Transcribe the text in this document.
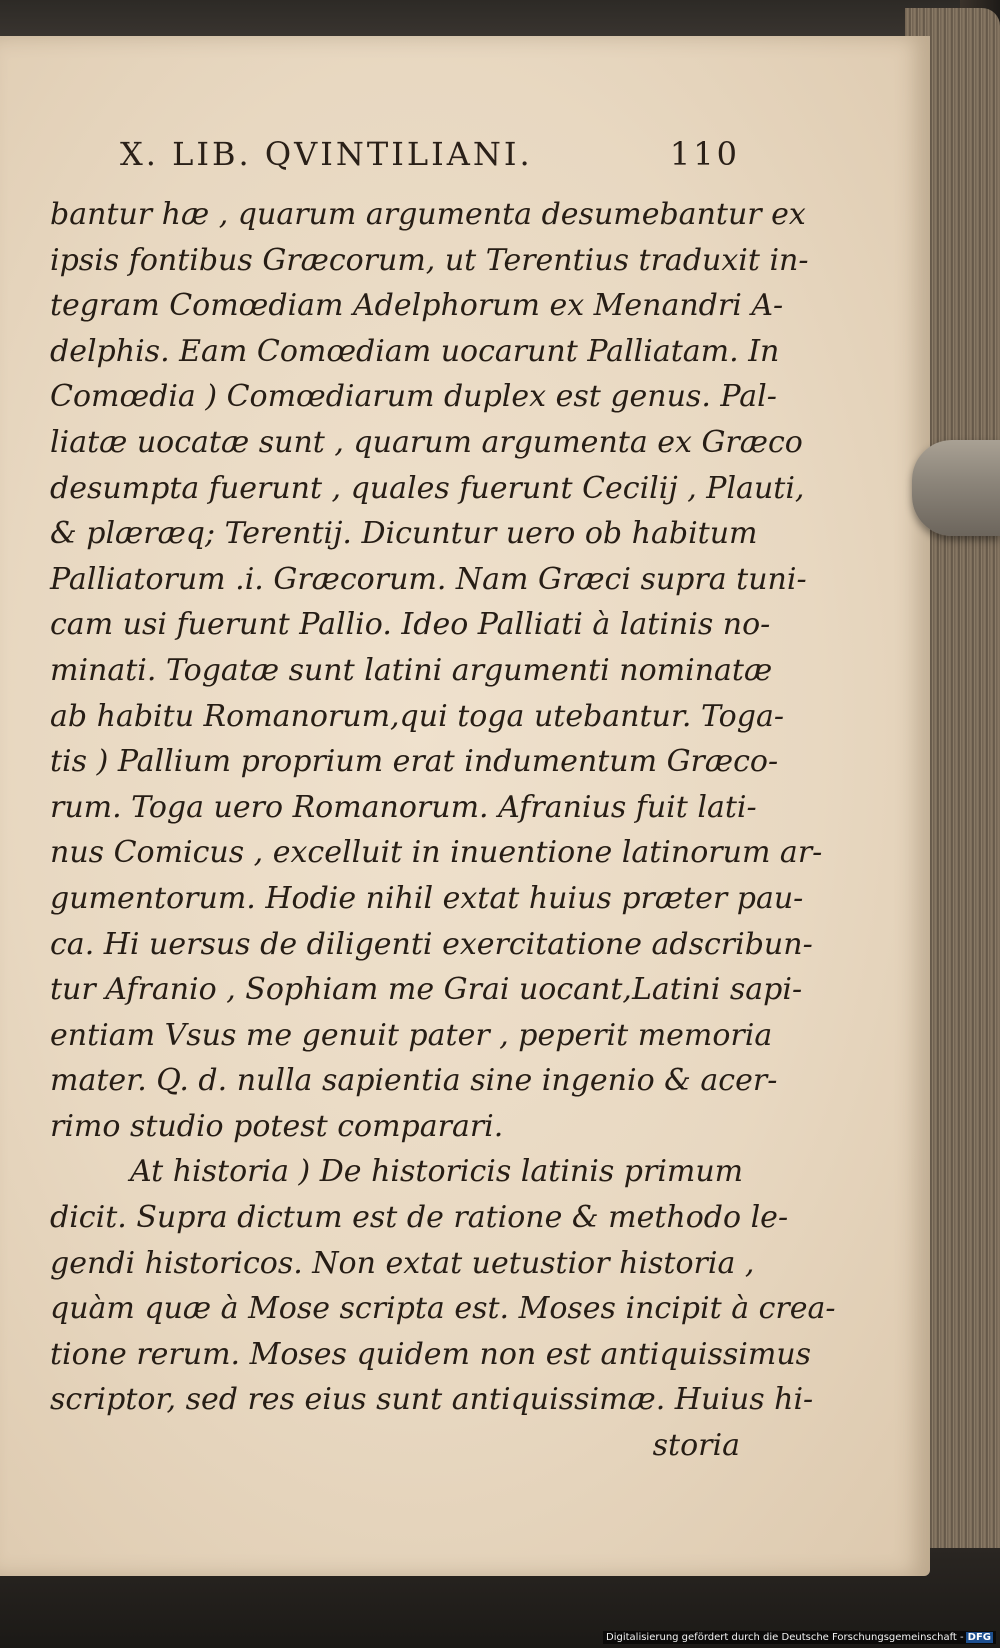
X. LIB. QVINTILIANI.	110
bantur hæ , quarum argumenta desumebantur ex
ipsis fontibus Græcorum, ut Terentius traduxit in-
tegram Comœdiam Adelphorum ex Menandri A-
delphis. Eam Comœdiam uocarunt Palliatam. In
Comœdia ) Comœdiarum duplex est genus. Pal-
liatæ uocatæ sunt , quarum argumenta ex Græco
desumpta fuerunt , quales fuerunt Cecilij , Plauti,
& plæræq; Terentij. Dicuntur uero ob habitum
Palliatorum .i. Græcorum. Nam Græci supra tuni-
cam usi fuerunt Pallio. Ideo Palliati à latinis no-
minati. Togatæ sunt latini argumenti nominatæ
ab habitu Romanorum,qui toga utebantur. Toga-
tis ) Pallium proprium erat indumentum Græco-
rum. Toga uero Romanorum. Afranius fuit lati-
nus Comicus , excelluit in inuentione latinorum ar-
gumentorum. Hodie nihil extat huius præter pau-
ca. Hi uersus de diligenti exercitatione adscribun-
tur Afranio , Sophiam me Grai uocant,Latini sapi-
entiam Vsus me genuit pater , peperit memoria
mater. Q. d. nulla sapientia sine ingenio & acer-
rimo studio potest comparari.
At historia ) De historicis latinis primum
dicit. Supra dictum est de ratione & methodo le-
gendi historicos. Non extat uetustior historia ,
quàm quæ à Mose scripta est. Moses incipit à crea-
tione rerum. Moses quidem non est antiquissimus
scriptor, sed res eius sunt antiquissimæ. Huius hi-
storia
Digitalisierung gefördert durch die Deutsche Forschungsgemeinschaft - DFG
